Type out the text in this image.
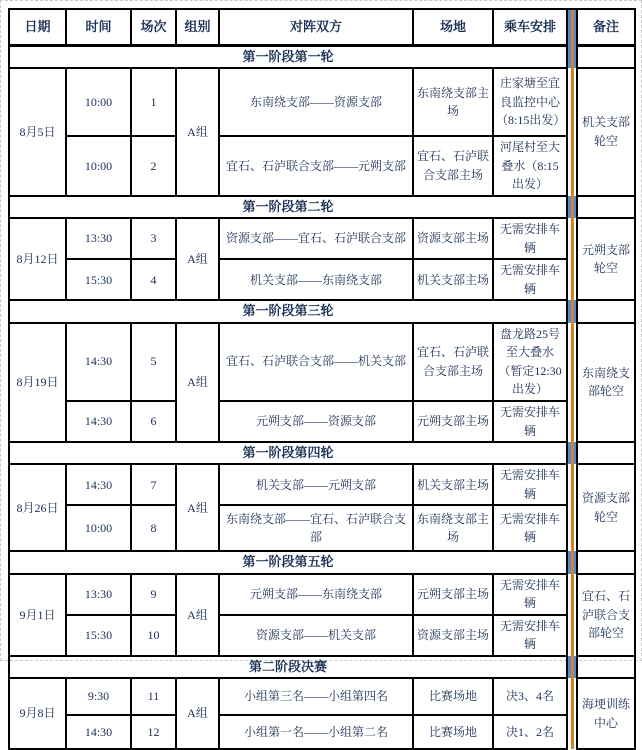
日期	时间	场次	组别	对阵双方	场地	乘车安排		备注
第一阶段第一轮								
8月5日	10:00	1	A组	东南绕支部——资源支部	东南绕支部主场	庄家塘至宜良监控中心（8:15出发）		机关支部轮空
	10:00	2		宜石、石泸联合支部——元朔支部	宜石、石泸联合支部主场	河尾村至大叠水（8:15出发）		
第一阶段第二轮								
8月12日	13:30	3	A组	资源支部——宜石、石泸联合支部	资源支部主场	无需安排车辆		元朔支部轮空
	15:30	4		机关支部——东南绕支部	机关支部主场	无需安排车辆		
第一阶段第三轮								
8月19日	14:30	5	A组	宜石、石泸联合支部——机关支部	宜石、石泸联合支部主场	盘龙路25号至大叠水（暂定12:30出发）		东南绕支部轮空
	14:30	6		元朔支部——资源支部	元朔支部主场	无需安排车辆		
第一阶段第四轮								
8月26日	14:30	7	A组	机关支部——元朔支部	机关支部主场	无需安排车辆		资源支部轮空
	10:00	8		东南绕支部——宜石、石泸联合支部	东南绕支部主场	无需安排车辆		
第一阶段第五轮								
9月1日	13:30	9	A组	元朔支部——东南绕支部	元朔支部主场	无需安排车辆		宜石、石泸联合支部轮空
	15:30	10		资源支部——机关支部	资源支部主场	无需安排车辆		
第二阶段决赛								
9月8日	9:30	11	A组	小组第三名——小组第四名	比赛场地	决3、4名		海埂训练中心
	14:30	12		小组第一名——小组第二名	比赛场地	决1、2名		
